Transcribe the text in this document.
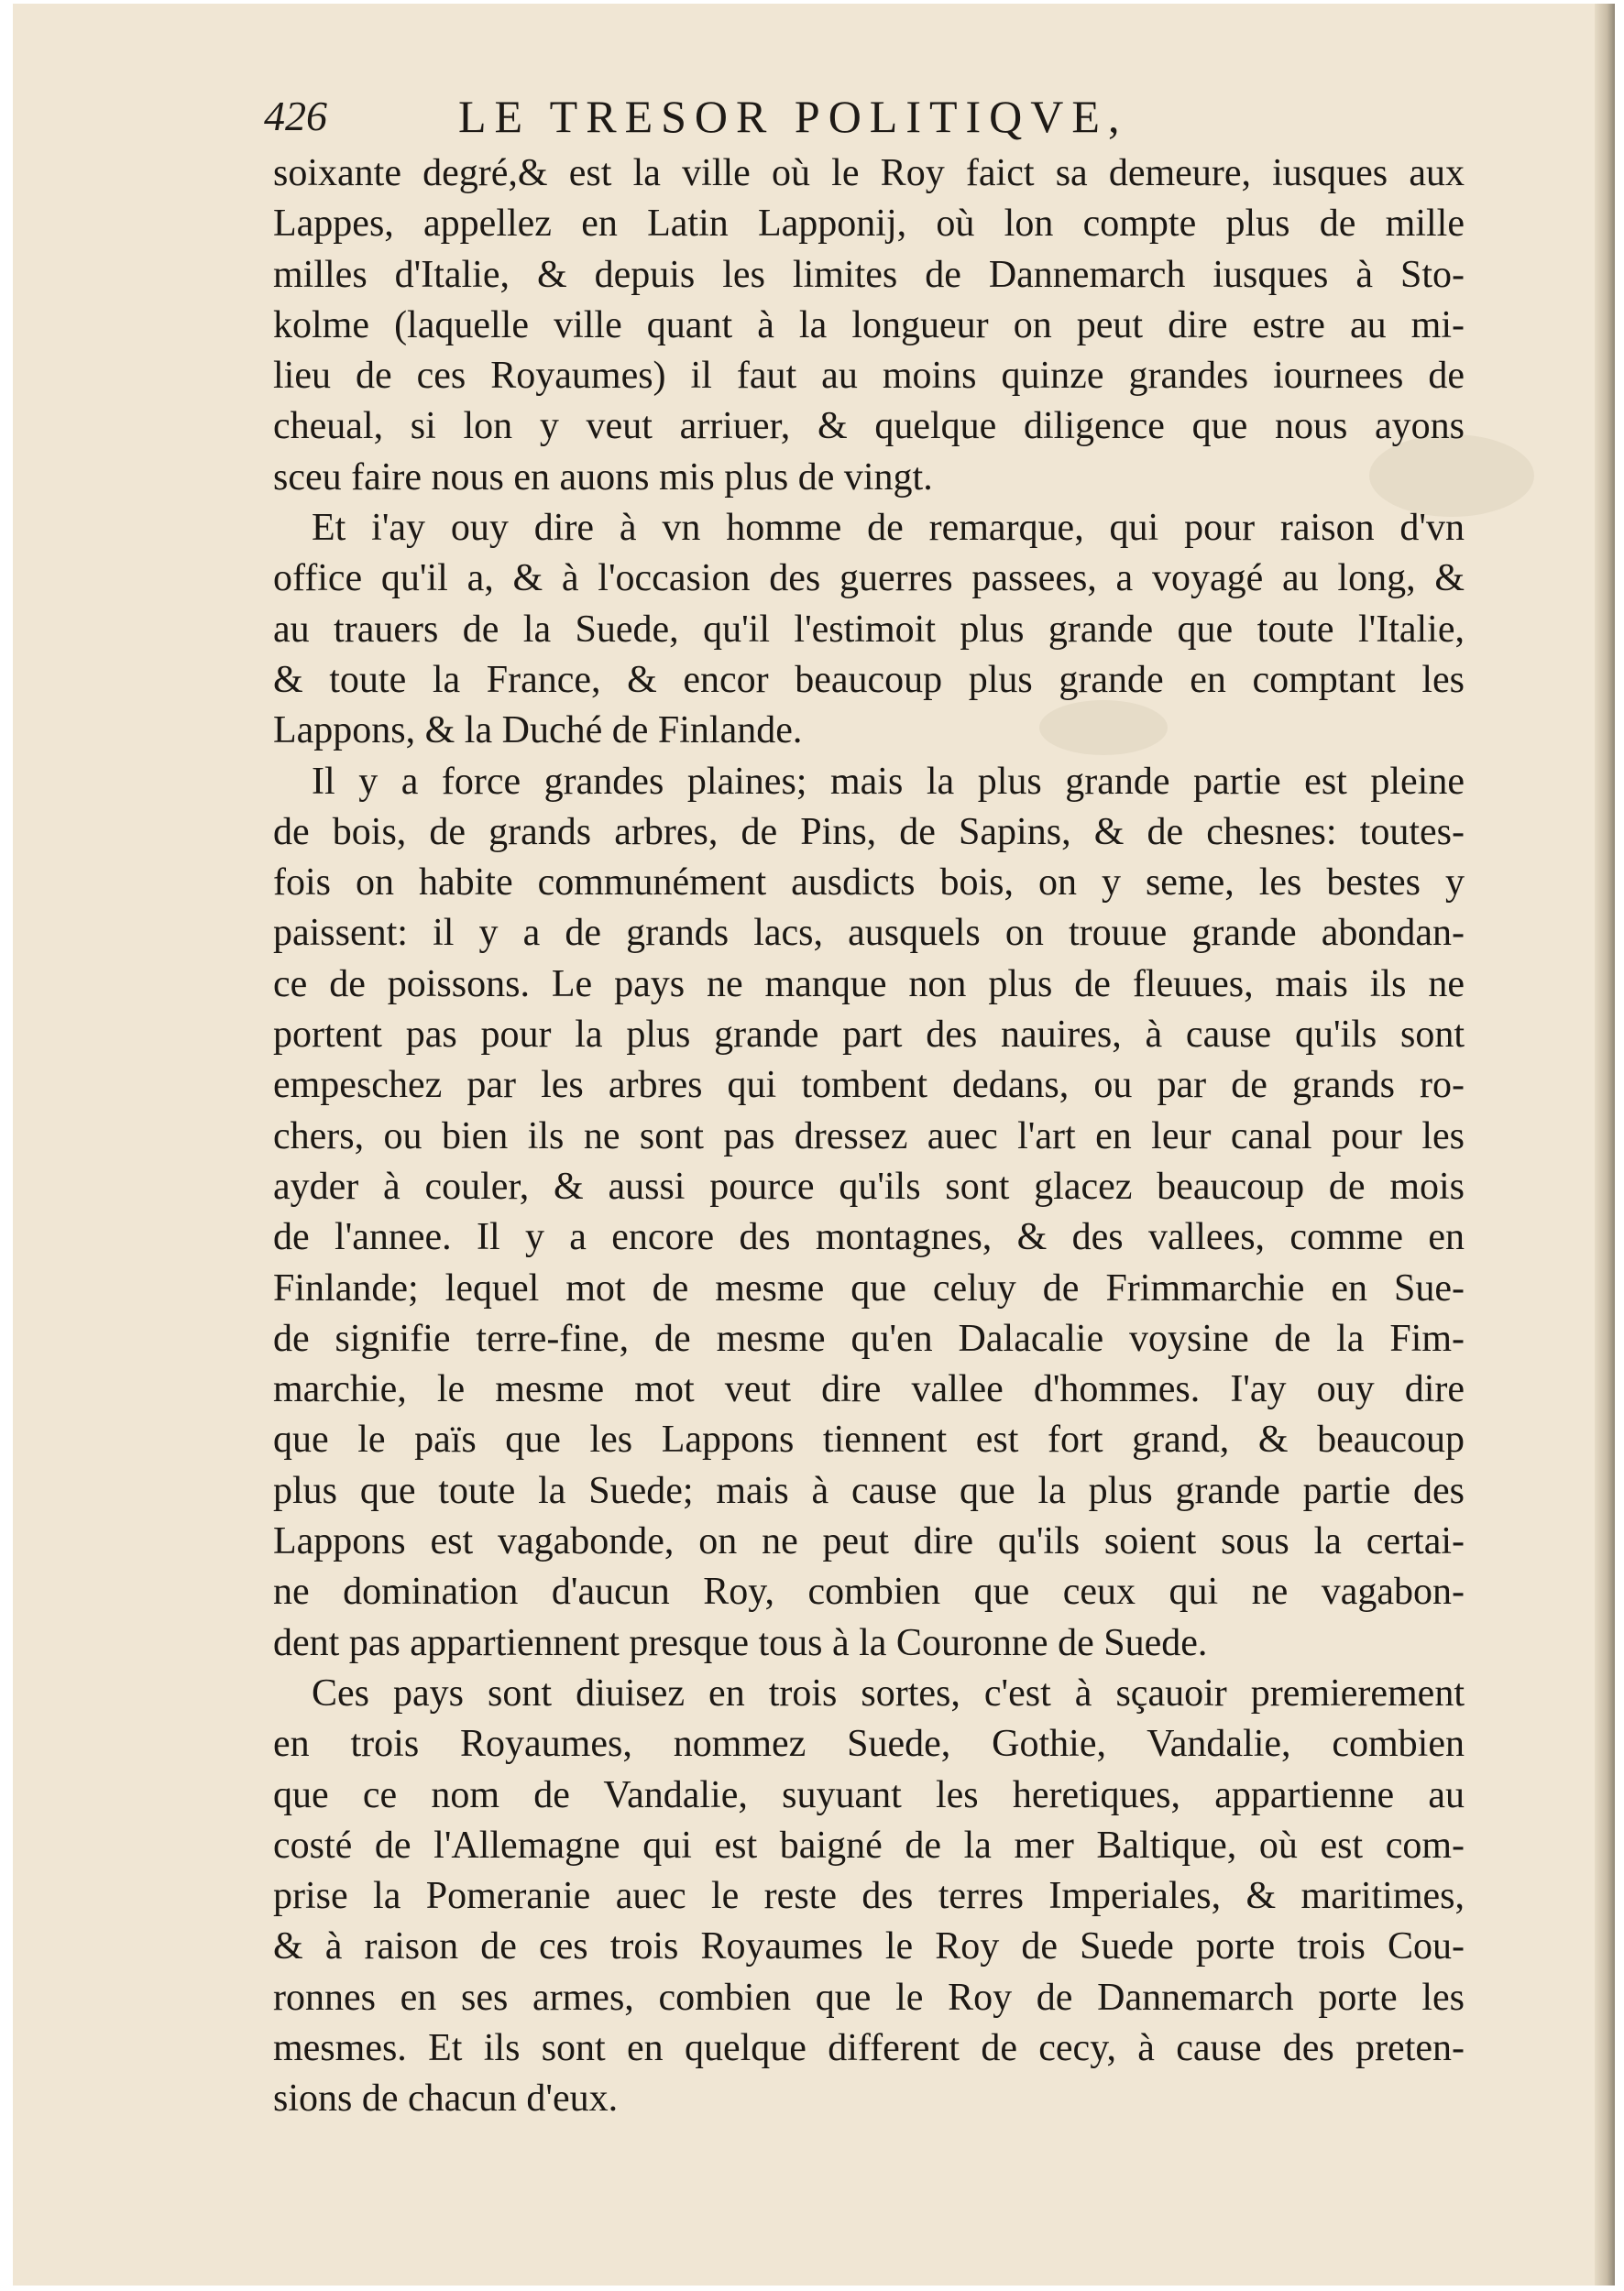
426	LE TRESOR POLITIQVE,
soixante degré,& est la ville où le Roy faict sa demeure, iusques aux
Lappes, appellez en Latin Lapponij, où lon compte plus de mille
milles d'Italie, & depuis les limites de Dannemarch iusques à Sto-
kolme (laquelle ville quant à la longueur on peut dire estre au mi-
lieu de ces Royaumes) il faut au moins quinze grandes iournees de
cheual, si lon y veut arriuer, & quelque diligence que nous ayons
sceu faire nous en auons mis plus de vingt.
Et i'ay ouy dire à vn homme de remarque, qui pour raison d'vn
office qu'il a, & à l'occasion des guerres passees, a voyagé au long, &
au trauers de la Suede, qu'il l'estimoit plus grande que toute l'Italie,
& toute la France, & encor beaucoup plus grande en comptant les
Lappons, & la Duché de Finlande.
Il y a force grandes plaines; mais la plus grande partie est pleine
de bois, de grands arbres, de Pins, de Sapins, & de chesnes: toutes-
fois on habite communément ausdicts bois, on y seme, les bestes y
paissent: il y a de grands lacs, ausquels on trouue grande abondan-
ce de poissons. Le pays ne manque non plus de fleuues, mais ils ne
portent pas pour la plus grande part des nauires, à cause qu'ils sont
empeschez par les arbres qui tombent dedans, ou par de grands ro-
chers, ou bien ils ne sont pas dressez auec l'art en leur canal pour les
ayder à couler, & aussi pource qu'ils sont glacez beaucoup de mois
de l'annee. Il y a encore des montagnes, & des vallees, comme en
Finlande; lequel mot de mesme que celuy de Frimmarchie en Sue-
de signifie terre-fine, de mesme qu'en Dalacalie voysine de la Fim-
marchie, le mesme mot veut dire vallee d'hommes. I'ay ouy dire
que le païs que les Lappons tiennent est fort grand, & beaucoup
plus que toute la Suede; mais à cause que la plus grande partie des
Lappons est vagabonde, on ne peut dire qu'ils soient sous la certai-
ne domination d'aucun Roy, combien que ceux qui ne vagabon-
dent pas appartiennent presque tous à la Couronne de Suede.
Ces pays sont diuisez en trois sortes, c'est à sçauoir premierement
en trois Royaumes, nommez Suede, Gothie, Vandalie, combien
que ce nom de Vandalie, suyuant les heretiques, appartienne au
costé de l'Allemagne qui est baigné de la mer Baltique, où est com-
prise la Pomeranie auec le reste des terres Imperiales, & maritimes,
& à raison de ces trois Royaumes le Roy de Suede porte trois Cou-
ronnes en ses armes, combien que le Roy de Dannemarch porte les
mesmes. Et ils sont en quelque different de cecy, à cause des preten-
sions de chacun d'eux.
